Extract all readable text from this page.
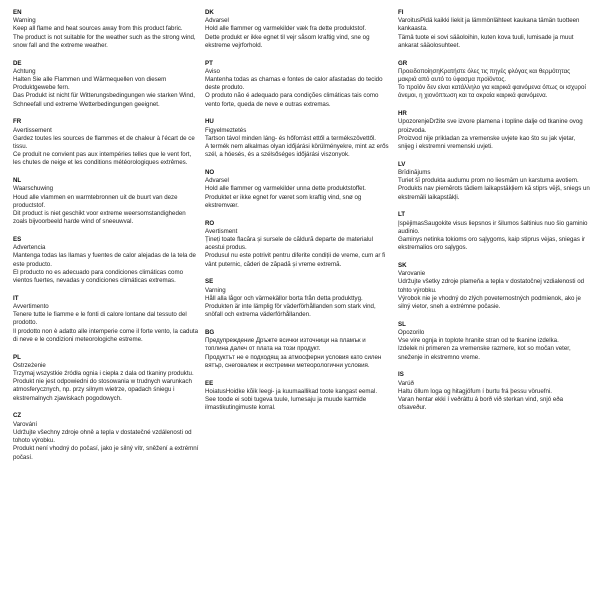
EN
Warning
Keep all flame and heat sources away from this product fabric.
The product is not suitable for the weather such as the strong wind, snow fall and the extreme weather.
DE
Achtung
Halten Sie alle Flammen und Wärmequellen von diesem Produktgewebe fern.
Das Produkt ist nicht für Witterungsbedingungen wie starken Wind, Schneefall und extreme Wetterbedingungen geeignet.
FR
Avertissement
Gardez toutes les sources de flammes et de chaleur à l'écart de ce tissu.
Ce produit ne convient pas aux intempéries telles que le vent fort, les chutes de neige et les conditions météorologiques extrêmes.
NL
Waarschuwing
Houd alle vlammen en warmtebronnen uit de buurt van deze productstof.
Dit product is niet geschikt voor extreme weersomstandigheden zoals bijvoorbeeld harde wind of sneeuwval.
ES
Advertencia
Mantenga todas las llamas y fuentes de calor alejadas de la tela de este producto.
El producto no es adecuado para condiciones climáticas como vientos fuertes, nevadas y condiciones climáticas extremas.
IT
Avvertimento
Tenere tutte le fiamme e le fonti di calore lontane dal tessuto del prodotto.
Il prodotto non è adatto alle intemperie come il forte vento, la caduta di neve e le condizioni meteorologiche estreme.
PL
Ostrzeżenie
Trzymaj wszystkie źródła ognia i ciepła z dala od tkaniny produktu.
Produkt nie jest odpowiedni do stosowania w trudnych warunkach atmosferycznych, np. przy silnym wietrze, opadach śniegu i ekstremalnych zjawiskach pogodowych.
CZ
Varování
Udržujte všechny zdroje ohně a tepla v dostatečné vzdálenosti od tohoto výrobku.
Produkt není vhodný do počasí, jako je silný vítr, sněžení a extrémní počasí.
DK
Advarsel
Hold alle flammer og varmekilder væk fra dette produktstof.
Dette produkt er ikke egnet til vejr såsom kraftig vind, sne og ekstreme vejrforhold.
PT
Aviso
Mantenha todas as chamas e fontes de calor afastadas do tecido deste produto.
O produto não é adequado para condições climáticas tais como vento forte, queda de neve e outras extremas.
HU
Figyelmeztetés
Tartson távol minden láng- és hőforrást ettől a termékszövettől.
A termék nem alkalmas olyan időjárási körülményekre, mint az erős szél, a hóesés, és a szélsőséges időjárási viszonyok.
NO
Advarsel
Hold alle flammer og varmekilder unna dette produktstoffet.
Produktet er ikke egnet for været som kraftig vind, snø og ekstremvær.
RO
Avertisment
Țineți toate flacăra și sursele de căldură departe de materialul acestui produs.
Produsul nu este potrivit pentru diferite condiții de vreme, cum ar fi vânt puternic, căderi de zăpadă și vreme extremă.
SE
Varning
Håll alla lågor och värmekällor borta från detta produkttyg.
Produkten är inte lämplig för väderförhållanden som stark vind, snöfall och extrema väderförhållanden.
BG
Предупреждение Дръжте всички източници на пламък и топлина далеч от плата на този продукт.
Продуктът не е подходящ за атмосферни условия като силен вятър, снеговалеж и екстремни метеорологични условия.
EE
HoiatusHoidke kõik leegi- ja kuumaallikad toote kangast eemal.
See toode ei sobi tugeva tuule, lumesaju ja muude karmide ilmastikutingimuste korral.
FI
VaroitusPidä kaikki liekit ja lämmönlähteet kaukana tämän tuotteen kankaasta.
Tämä tuote ei sovi sääoloihin, kuten kova tuuli, lumisade ja muut ankarat sääolosuhteet.
GR
ΠροειδοποίησηΚρατήστε όλες τις πηγές φλόγας και θερμότητας μακριά από αυτό το ύφασμα προϊόντος.
Το προϊόν δεν είναι κατάλληλο για καιρικά φαινόμενα όπως οι ισχυροί άνεμοι, η χιονόπτωση και τα ακραία καιρικά φαινόμενα.
HR
UpozorenjeDržite sve izvore plamena i topline dalje od tkanine ovog proizvoda.
Proizvod nije prikladan za vremenske uvjete kao što su jak vjetar, snijeg i ekstremni vremenski uvjeti.
LV
Brīdinājums
Turiet šī produkta audumu prom no liesmām un karstuma avotiem.
Produkts nav piemērots tādiem laikapstākļiem kā stiprs vējš, sniegs un ekstremāli laikapstākļi.
LT
ĮspėjimasSaugokite visus liepsnos ir šilumos šaltinius nuo šio gaminio audinio.
Gaminys netinka tokioms oro sąlygoms, kaip stiprus vėjas, sniegas ir ekstremalios oro sąlygos.
SK
Varovanie
Udržujte všetky zdroje plameňa a tepla v dostatočnej vzdialenosti od tohto výrobku.
Výrobok nie je vhodný do zlých poveternostných podmienok, ako je silný vietor, sneh a extrémne počasie.
SL
Opozorilo
Vse vire ognja in toplote hranite stran od te tkanine izdelka.
Izdelek ni primeren za vremenske razmere, kot so močan veter, sneženje in ekstremno vreme.
IS
Varúð
Haltu öllum loga og hitagjöfum í burtu frá þessu vöruefni.
Varan hentar ekki í veðráttu á borð við sterkan vind, snjó eða ofsaveður.
